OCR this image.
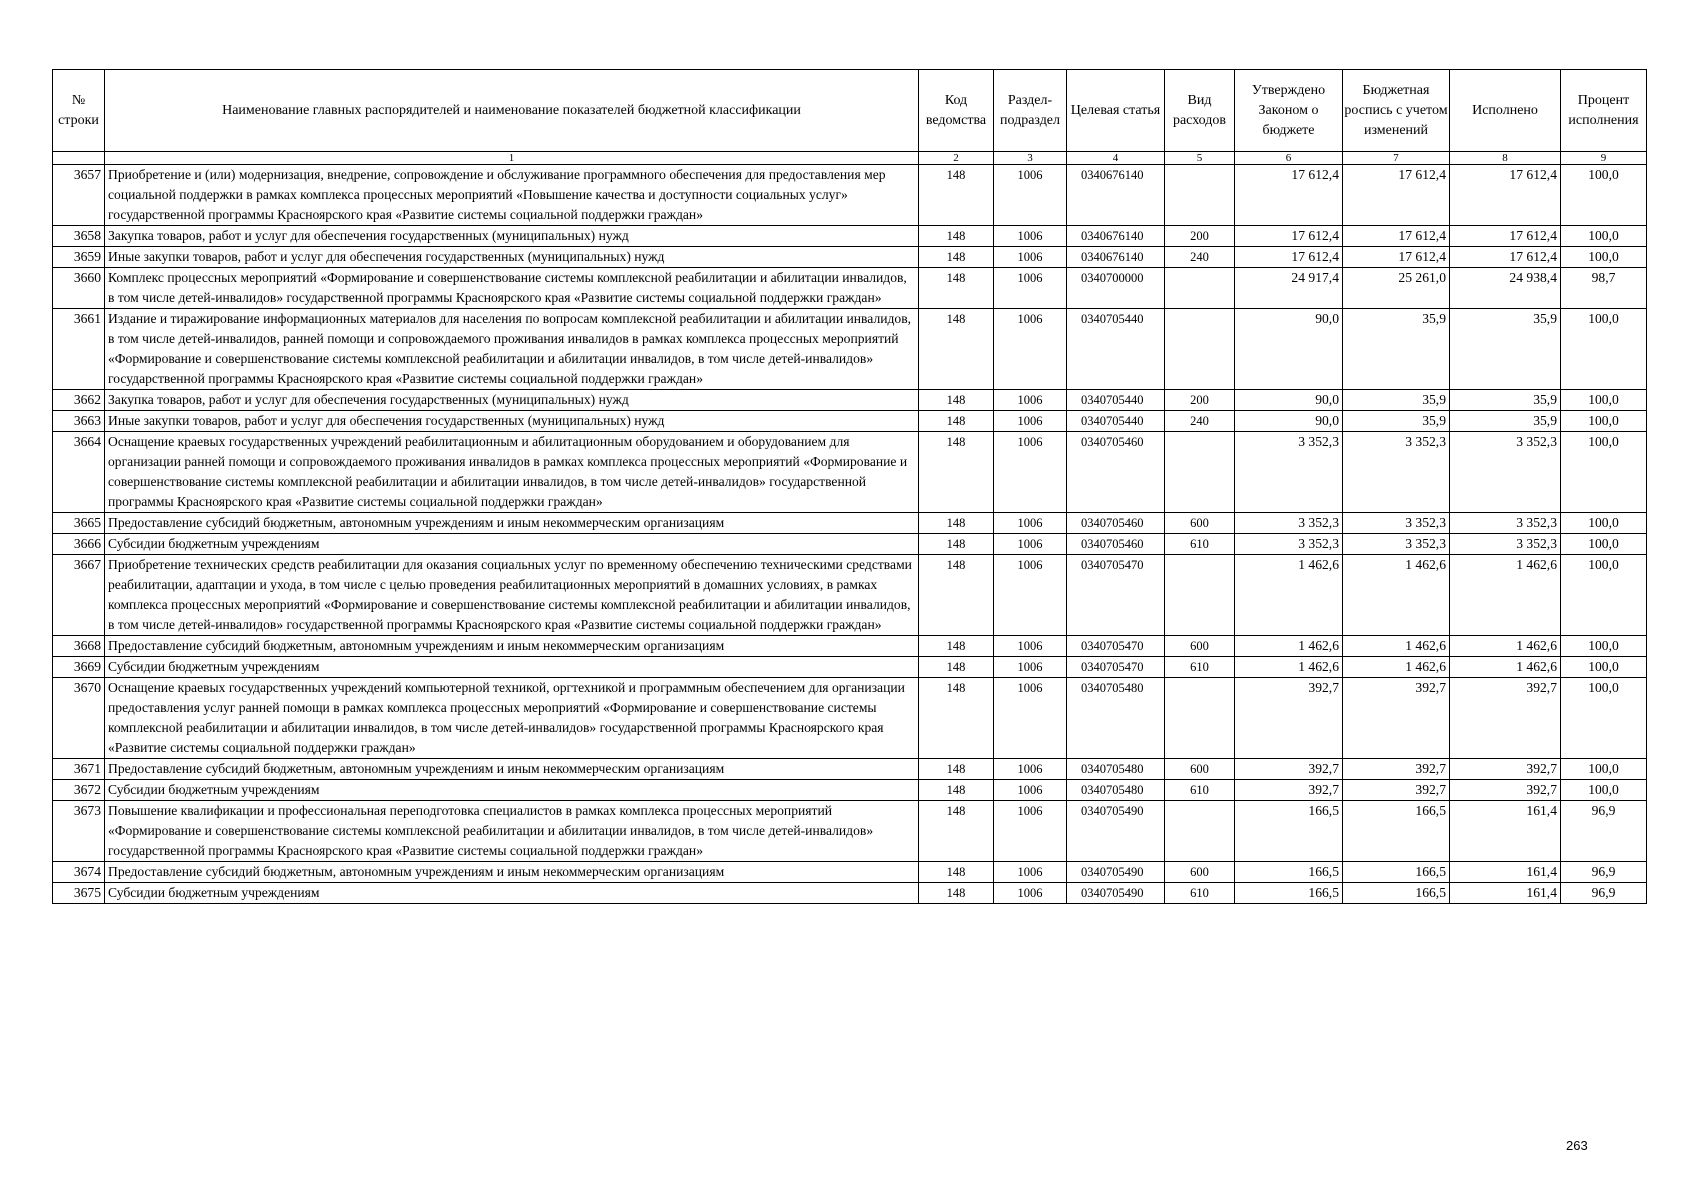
№ строки	Наименование главных распорядителей и наименование показателей бюджетной классификации	Код ведомства	Раздел-подраздел	Целевая статья	Вид расходов	Утверждено Законом о бюджете	Бюджетная роспись с учетом изменений	Исполнено	Процент исполнения
	1	2	3	4	5	6	7	8	9
3657	Приобретение и (или) модернизация, внедрение, сопровождение и обслуживание программного обеспечения для предоставления мер социальной поддержки в рамках комплекса процессных мероприятий «Повышение качества и доступности социальных услуг» государственной программы Красноярского края «Развитие системы социальной поддержки граждан»	148	1006	0340676140		17 612,4	17 612,4	17 612,4	100,0
3658	Закупка товаров, работ и услуг для обеспечения государственных (муниципальных) нужд	148	1006	0340676140	200	17 612,4	17 612,4	17 612,4	100,0
3659	Иные закупки товаров, работ и услуг для обеспечения государственных (муниципальных) нужд	148	1006	0340676140	240	17 612,4	17 612,4	17 612,4	100,0
3660	Комплекс процессных мероприятий «Формирование и совершенствование системы комплексной реабилитации и абилитации инвалидов, в том числе детей-инвалидов» государственной программы Красноярского края «Развитие системы социальной поддержки граждан»	148	1006	0340700000		24 917,4	25 261,0	24 938,4	98,7
3661	Издание и тиражирование информационных материалов для населения по вопросам комплексной реабилитации и абилитации инвалидов, в том числе детей-инвалидов, ранней помощи и сопровождаемого проживания инвалидов в рамках комплекса процессных мероприятий «Формирование и совершенствование системы комплексной реабилитации и абилитации инвалидов, в том числе детей-инвалидов» государственной программы Красноярского края «Развитие системы социальной поддержки граждан»	148	1006	0340705440		90,0	35,9	35,9	100,0
3662	Закупка товаров, работ и услуг для обеспечения государственных (муниципальных) нужд	148	1006	0340705440	200	90,0	35,9	35,9	100,0
3663	Иные закупки товаров, работ и услуг для обеспечения государственных (муниципальных) нужд	148	1006	0340705440	240	90,0	35,9	35,9	100,0
3664	Оснащение краевых государственных учреждений реабилитационным и абилитационным оборудованием и оборудованием для организации ранней помощи и сопровождаемого проживания инвалидов в рамках комплекса процессных мероприятий «Формирование и совершенствование системы комплексной реабилитации и абилитации инвалидов, в том числе детей-инвалидов» государственной программы Красноярского края «Развитие системы социальной поддержки граждан»	148	1006	0340705460		3 352,3	3 352,3	3 352,3	100,0
3665	Предоставление субсидий бюджетным, автономным учреждениям и иным некоммерческим организациям	148	1006	0340705460	600	3 352,3	3 352,3	3 352,3	100,0
3666	Субсидии бюджетным учреждениям	148	1006	0340705460	610	3 352,3	3 352,3	3 352,3	100,0
3667	Приобретение технических средств реабилитации для оказания социальных услуг по временному обеспечению техническими средствами реабилитации, адаптации и ухода, в том числе с целью проведения реабилитационных мероприятий в домашних условиях, в рамках комплекса процессных мероприятий «Формирование и совершенствование системы комплексной реабилитации и абилитации инвалидов, в том числе детей-инвалидов» государственной программы Красноярского края «Развитие системы социальной поддержки граждан»	148	1006	0340705470		1 462,6	1 462,6	1 462,6	100,0
3668	Предоставление субсидий бюджетным, автономным учреждениям и иным некоммерческим организациям	148	1006	0340705470	600	1 462,6	1 462,6	1 462,6	100,0
3669	Субсидии бюджетным учреждениям	148	1006	0340705470	610	1 462,6	1 462,6	1 462,6	100,0
3670	Оснащение краевых государственных учреждений компьютерной техникой, оргтехникой и программным обеспечением для организации предоставления услуг ранней помощи в рамках комплекса процессных мероприятий «Формирование и совершенствование системы комплексной реабилитации и абилитации инвалидов, в том числе детей-инвалидов» государственной программы Красноярского края «Развитие системы социальной поддержки граждан»	148	1006	0340705480		392,7	392,7	392,7	100,0
3671	Предоставление субсидий бюджетным, автономным учреждениям и иным некоммерческим организациям	148	1006	0340705480	600	392,7	392,7	392,7	100,0
3672	Субсидии бюджетным учреждениям	148	1006	0340705480	610	392,7	392,7	392,7	100,0
3673	Повышение квалификации и профессиональная переподготовка специалистов в рамках комплекса процессных мероприятий «Формирование и совершенствование системы комплексной реабилитации и абилитации инвалидов, в том числе детей-инвалидов» государственной программы Красноярского края «Развитие системы социальной поддержки граждан»	148	1006	0340705490		166,5	166,5	161,4	96,9
3674	Предоставление субсидий бюджетным, автономным учреждениям и иным некоммерческим организациям	148	1006	0340705490	600	166,5	166,5	161,4	96,9
3675	Субсидии бюджетным учреждениям	148	1006	0340705490	610	166,5	166,5	161,4	96,9
263
